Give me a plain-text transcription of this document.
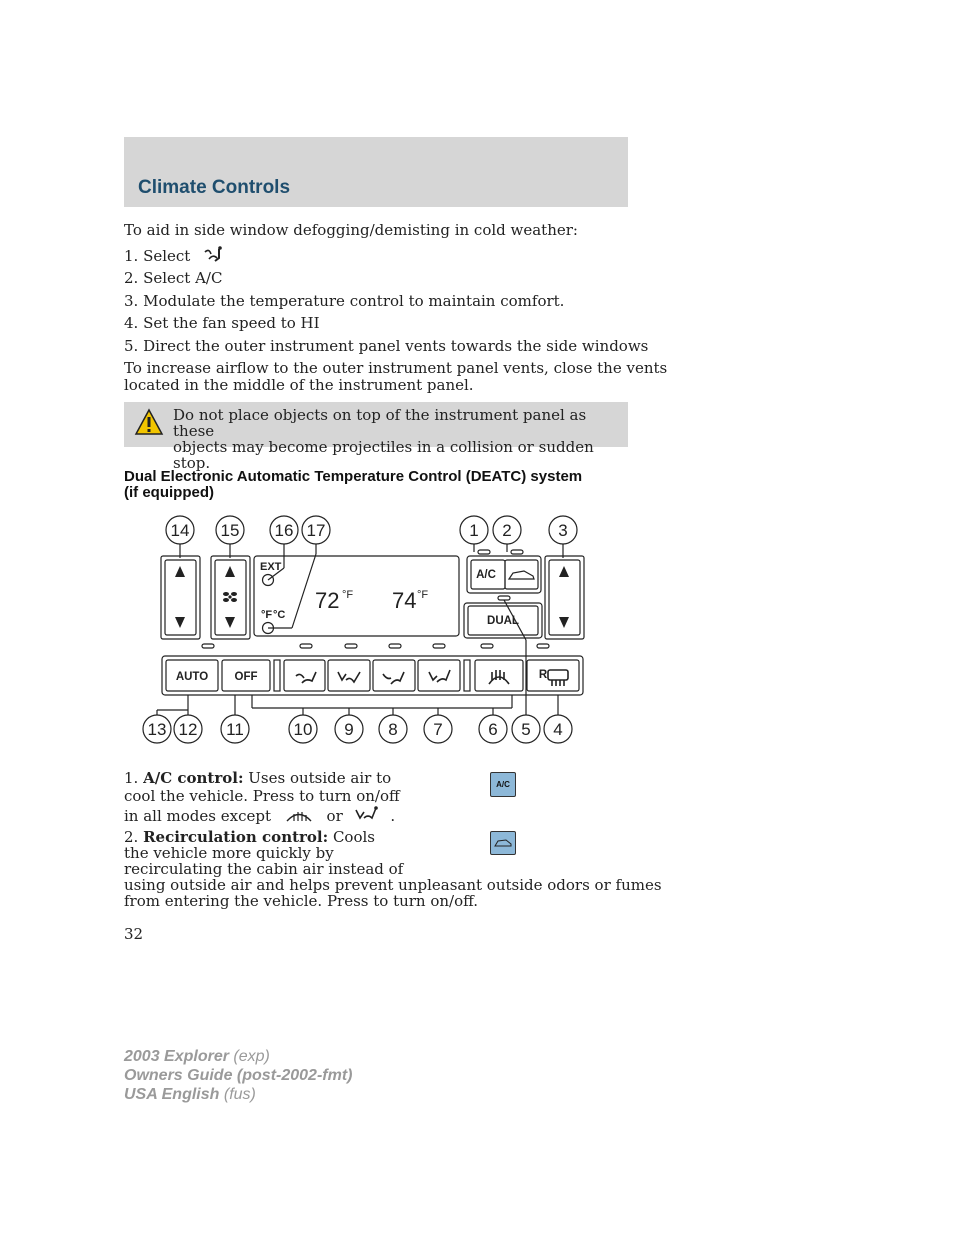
Climate Controls
To aid in side window defogging/demisting in cold weather:
1. Select
2. Select A/C
3. Modulate the temperature control to maintain comfort.
4. Set the fan speed to HI
5. Direct the outer instrument panel vents towards the side windows
To increase airflow to the outer instrument panel vents, close the vents
located in the middle of the instrument panel.
Do not place objects on top of the instrument panel as these
objects may become projectiles in a collision or sudden stop.
Dual Electronic Automatic Temperature Control (DEATC) system
(if equipped)
14 15 16 17	1 2	3
13 12 11	10 9 8 7	6 5 4
EXT
°F °C
72 74
°F	°F
A/C
DUAL
AUTO OFF	R
1. A/C control: Uses outside air to
cool the vehicle. Press to turn on/off
in all modes except	or	.
A/C
2. Recirculation control: Cools
the vehicle more quickly by
recirculating the cabin air instead of
using outside air and helps prevent unpleasant outside odors or fumes
from entering the vehicle. Press to turn on/off.
32
2003 Explorer (exp)
Owners Guide (post-2002-fmt)
USA English (fus)
